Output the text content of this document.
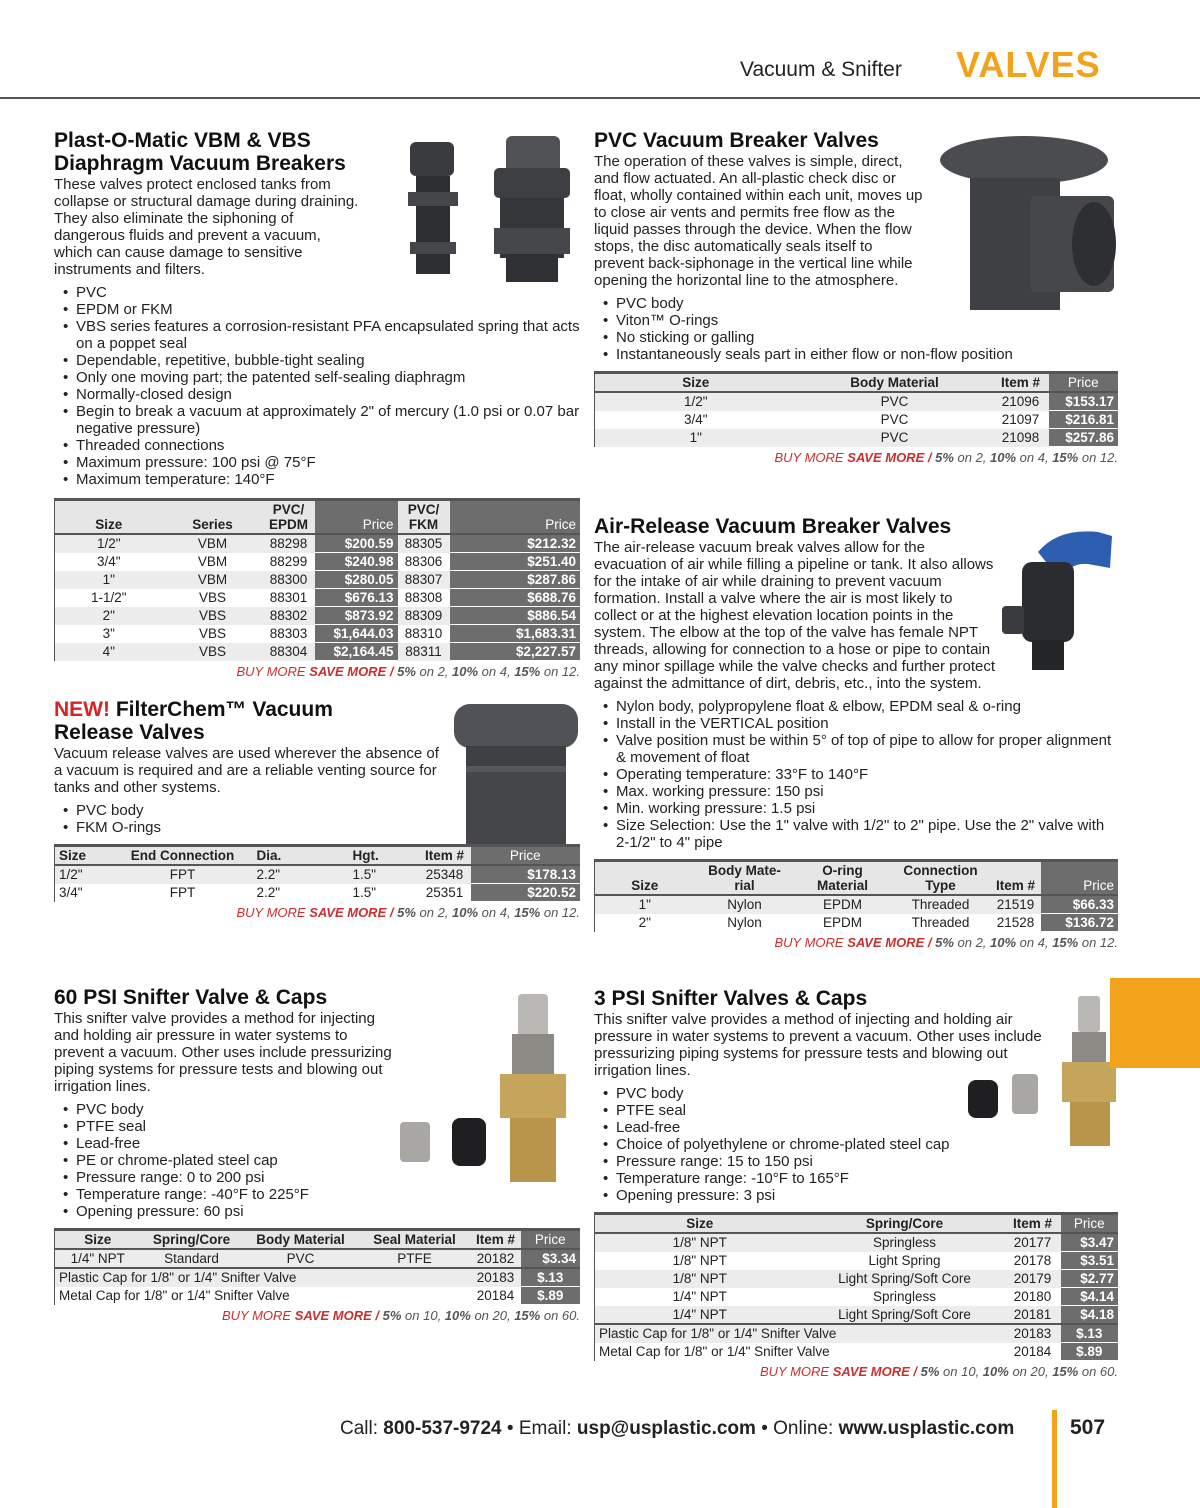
Vacuum & Snifter VALVES
Plast-O-Matic VBM & VBS
Diaphragm Vacuum Breakers

These valves protect enclosed tanks from collapse or structural damage during draining. They also eliminate the siphoning of dangerous fluids and prevent a vacuum, which can cause damage to sensitive instruments and filters.

• PVC
• EPDM or FKM
• VBS series features a corrosion-resistant PFA encapsulated spring that acts on a poppet seal
• Dependable, repetitive, bubble-tight sealing
• Only one moving part; the patented self-sealing diaphragm
• Normally-closed design
• Begin to break a vacuum at approximately 2" of mercury (1.0 psi or 0.07 bar negative pressure)
• Threaded connections
• Maximum pressure: 100 psi @ 75°F
• Maximum temperature: 140°F
Size	Series	PVC/ EPDM	Price	PVC/ FKM	Price
1/2"	VBM	88298	$200.59	88305	$212.32
3/4"	VBM	88299	$240.98	88306	$251.40
1"	VBM	88300	$280.05	88307	$287.86
1-1/2"	VBS	88301	$676.13	88308	$688.76
2"	VBS	88302	$873.92	88309	$886.54
3"	VBS	88303	$1,644.03	88310	$1,683.31
4"	VBS	88304	$2,164.45	88311	$2,227.57
BUY MORE SAVE MORE / 5% on 2, 10% on 4, 15% on 12.
NEW! FilterChem™ Vacuum
Release Valves

Vacuum release valves are used wherever the absence of a vacuum is required and are a reliable venting source for tanks and other systems.

• PVC body
• FKM O-rings
Size	End Connection	Dia.	Hgt.	Item #	Price
1/2"	FPT	2.2"	1.5"	25348	$178.13
3/4"	FPT	2.2"	1.5"	25351	$220.52
BUY MORE SAVE MORE / 5% on 2, 10% on 4, 15% on 12.
60 PSI Snifter Valve & Caps

This snifter valve provides a method for injecting and holding air pressure in water systems to prevent a vacuum. Other uses include pressurizing piping systems for pressure tests and blowing out irrigation lines.

• PVC body
• PTFE seal
• Lead-free
• PE or chrome-plated steel cap
• Pressure range: 0 to 200 psi
• Temperature range: -40°F to 225°F
• Opening pressure: 60 psi
Size	Spring/Core	Body Material	Seal Material	Item #	Price
1/4" NPT	Standard	PVC	PTFE	20182	$3.34
Plastic Cap for 1/8" or 1/4" Snifter Valve				20183	$.13
Metal Cap for 1/8" or 1/4" Snifter Valve				20184	$.89
BUY MORE SAVE MORE / 5% on 10, 10% on 20, 15% on 60.
PVC Vacuum Breaker Valves

The operation of these valves is simple, direct, and flow actuated. An all-plastic check disc or float, wholly contained within each unit, moves up to close air vents and permits free flow as the liquid passes through the device. When the flow stops, the disc automatically seals itself to prevent back-siphonage in the vertical line while opening the horizontal line to the atmosphere.

• PVC body
• Viton™ O-rings
• No sticking or galling
• Instantaneously seals part in either flow or non-flow position
Size	Body Material	Item #	Price
1/2"	PVC	21096	$153.17
3/4"	PVC	21097	$216.81
1"	PVC	21098	$257.86
BUY MORE SAVE MORE / 5% on 2, 10% on 4, 15% on 12.
Air-Release Vacuum Breaker Valves

The air-release vacuum break valves allow for the evacuation of air while filling a pipeline or tank. It also allows for the intake of air while draining to prevent vacuum formation. Install a valve where the air is most likely to collect or at the highest elevation location points in the system. The elbow at the top of the valve has female NPT threads, allowing for connection to a hose or pipe to contain any minor spillage while the valve checks and further protect against the admittance of dirt, debris, etc., into the system.

• Nylon body, polypropylene float & elbow, EPDM seal & o-ring
• Install in the VERTICAL position
• Valve position must be within 5° of top of pipe to allow for proper alignment & movement of float
• Operating temperature: 33°F to 140°F
• Max. working pressure: 150 psi
• Min. working pressure: 1.5 psi
• Size Selection: Use the 1" valve with 1/2" to 2" pipe. Use the 2" valve with 2-1/2" to 4" pipe
Size	Body Mate-rial	O-ring Material	Connection Type	Item #	Price
1"	Nylon	EPDM	Threaded	21519	$66.33
2"	Nylon	EPDM	Threaded	21528	$136.72
BUY MORE SAVE MORE / 5% on 2, 10% on 4, 15% on 12.
3 PSI Snifter Valves & Caps

This snifter valve provides a method of injecting and holding air pressure in water systems to prevent a vacuum. Other uses include pressurizing piping systems for pressure tests and blowing out irrigation lines.

• PVC body
• PTFE seal
• Lead-free
• Choice of polyethylene or chrome-plated steel cap
• Pressure range: 15 to 150 psi
• Temperature range: -10°F to 165°F
• Opening pressure: 3 psi
Size	Spring/Core	Item #	Price
1/8" NPT	Springless	20177	$3.47
1/8" NPT	Light Spring	20178	$3.51
1/8" NPT	Light Spring/Soft Core	20179	$2.77
1/4" NPT	Springless	20180	$4.14
1/4" NPT	Light Spring/Soft Core	20181	$4.18
Plastic Cap for 1/8" or 1/4" Snifter Valve		20183	$.13
Metal Cap for 1/8" or 1/4" Snifter Valve		20184	$.89
BUY MORE SAVE MORE / 5% on 10, 10% on 20, 15% on 60.
Call: 800-537-9724 • Email: usp@usplastic.com • Online: www.usplastic.com	507
